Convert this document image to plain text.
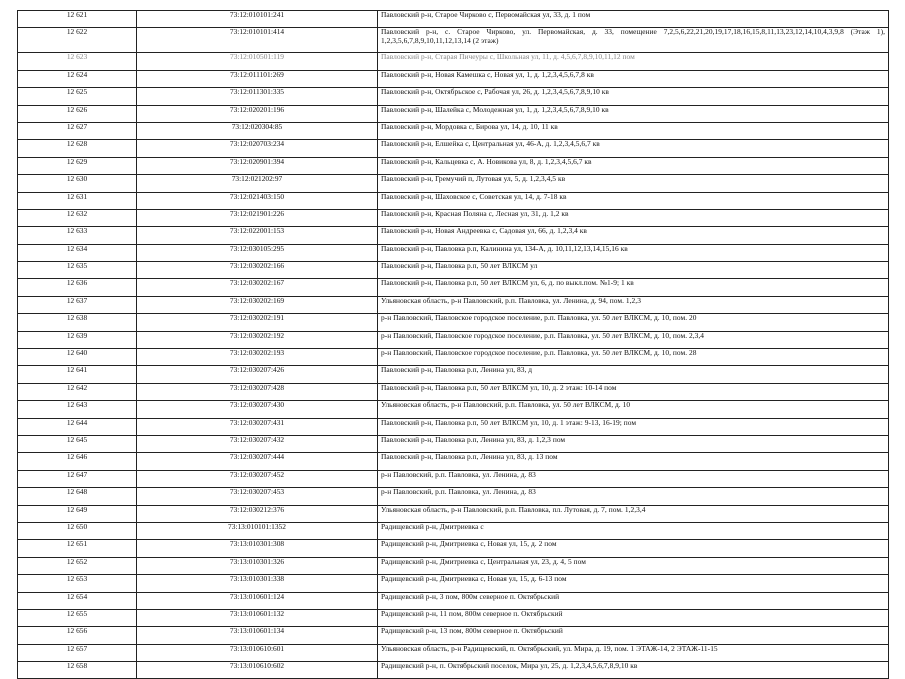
12 621	73:12:010101:241	Павловский р-н, Старое Чирково с, Первомайская ул, 33, д. 1 пом
12 622	73:12:010101:414	Павловский р-н, с. Старое Чирково, ул. Первомайская, д. 33, помещение 7,2,5,6,22,21,20,19,17,18,16,15,8,11,13,23,12,14,10,4,3,9,8 (Этаж 1), 1,2,3,5,6,7,8,9,10,11,12,13,14 (2 этаж)
12 623	73:12:010501:119	Павловский р-н, Старая Пичеуры с, Школьная ул, 11, д. 4,5,6,7,8,9,10,11,12 пом
12 624	73:12:011101:269	Павловский р-н, Новая Камешка с, Новая ул, 1, д. 1,2,3,4,5,6,7,8 кв
12 625	73:12:011301:335	Павловский р-н, Октябрьское с, Рабочая ул, 26, д. 1,2,3,4,5,6,7,8,9,10 кв
12 626	73:12:020201:196	Павловский р-н, Шалейка с, Молодежная ул, 1, д. 1,2,3,4,5,6,7,8,9,10 кв
12 627	73:12:020304:85	Павловский р-н, Мордовка с, Бирова ул, 14, д. 10, 11 кв
12 628	73:12:020703:234	Павловский р-н, Елшейка с, Центральная ул, 46-А, д. 1,2,3,4,5,6,7 кв
12 629	73:12:020901:394	Павловский р-н, Кальцевка с, А. Новикова ул, 8, д. 1,2,3,4,5,6,7 кв
12 630	73:12:021202:97	Павловский р-н, Гремучий п, Лутовая ул, 5, д. 1,2,3,4,5 кв
12 631	73:12:021403:150	Павловский р-н, Шаховское с, Советская ул, 14, д. 7-18 кв
12 632	73:12:021901:226	Павловский р-н, Красная Поляна с, Лесная ул, 31, д. 1,2 кв
12 633	73:12:022001:153	Павловский р-н, Новая Андреевка с, Садовая ул, 66, д. 1,2,3,4 кв
12 634	73:12:030105:295	Павловский р-н, Павловка р.п, Калинина ул, 134-А, д. 10,11,12,13,14,15,16 кв
12 635	73:12:030202:166	Павловский р-н, Павловка р.п, 50 лет ВЛКСМ ул
12 636	73:12:030202:167	Павловский р-н, Павловка р.п, 50 лет ВЛКСМ ул, 6, д. по выкл.пом. №1-9; 1 кв
12 637	73:12:030202:169	Ульяновская область, р-н Павловский, р.п. Павловка, ул. Ленина, д. 94, пом. 1,2,3
12 638	73:12:030202:191	р-н Павловский, Павловское городское поселение, р.п. Павловка, ул. 50 лет ВЛКСМ, д. 10, пом. 20
12 639	73:12:030202:192	р-н Павловский, Павловское городское поселение, р.п. Павловка, ул. 50 лет ВЛКСМ, д. 10, пом. 2,3,4
12 640	73:12:030202:193	р-н Павловский, Павловское городское поселение, р.п. Павловка, ул. 50 лет ВЛКСМ, д. 10, пом. 28
12 641	73:12:030207:426	Павловский р-н, Павловка р.п, Ленина ул, 83, д
12 642	73:12:030207:428	Павловский р-н, Павловка р.п, 50 лет ВЛКСМ ул, 10, д. 2 этаж: 10-14 пом
12 643	73:12:030207:430	Ульяновская область, р-н Павловский, р.п. Павловка, ул. 50 лет ВЛКСМ, д. 10
12 644	73:12:030207:431	Павловский р-н, Павловка р.п, 50 лет ВЛКСМ ул, 10, д. 1 этаж: 9-13, 16-19; пом
12 645	73:12:030207:432	Павловский р-н, Павловка р.п, Ленина ул, 83, д. 1,2,3 пом
12 646	73:12:030207:444	Павловский р-н, Павловка р.п, Ленина ул, 83, д. 13 пом
12 647	73:12:030207:452	р-н Павловский, р.п. Павловка, ул. Ленина, д. 83
12 648	73:12:030207:453	р-н Павловский, р.п. Павловка, ул. Ленина, д. 83
12 649	73:12:030212:376	Ульяновская область, р-н Павловский, р.п. Павловка, пл. Лутовая, д. 7, пом. 1,2,3,4
12 650	73:13:010101:1352	Радищевский р-н, Дмитриевка с
12 651	73:13:010301:308	Радищевский р-н, Дмитриевка с, Новая ул, 15, д. 2 пом
12 652	73:13:010301:326	Радищевский р-н, Дмитриевка с, Центральная ул, 23, д. 4, 5 пом
12 653	73:13:010301:338	Радищевский р-н, Дмитриевка с, Новая ул, 15, д. 6-13 пом
12 654	73:13:010601:124	Радищевский р-н, 3 пом, 800м северное п. Октябрьский
12 655	73:13:010601:132	Радищевский р-н, 11 пом, 800м северное п. Октябрьский
12 656	73:13:010601:134	Радищевский р-н, 13 пом, 800м северное п. Октябрьский
12 657	73:13:010610:601	Ульяновская область, р-н Радищевский, п. Октябрьский, ул. Мира, д. 19, пом. 1 ЭТАЖ-14, 2 ЭТАЖ-11-15
12 658	73:13:010610:602	Радищевский р-н, п. Октябрьский поселок, Мира ул, 25, д. 1,2,3,4,5,6,7,8,9,10 кв
